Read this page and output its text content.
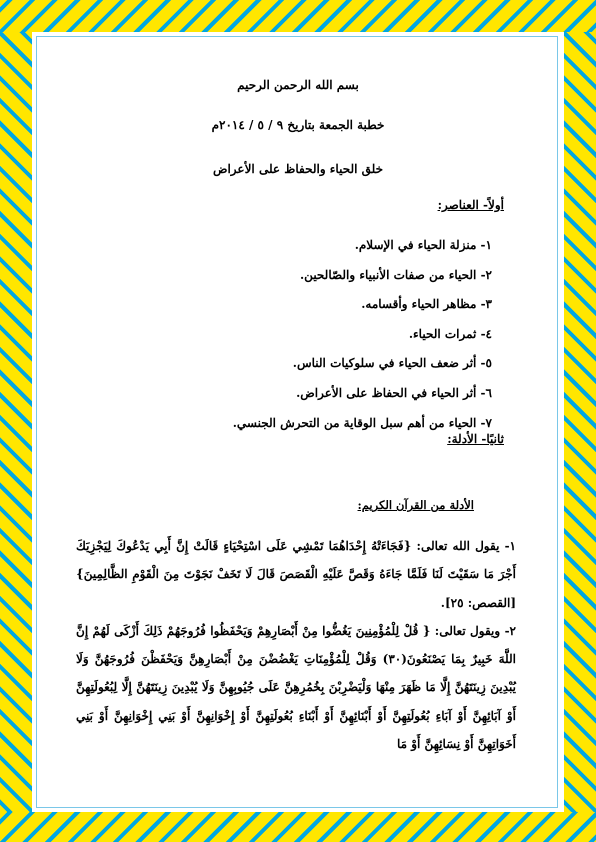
بسم الله الرحمن الرحيم
خطبة الجمعة بتاريخ ٩ / ٥ / ٢٠١٤م
خلق الحياء والحفاظ على الأعراض
أولاً- العناصر:
١- منزلة الحياء في الإسلام.
٢- الحياء من صفات الأنبياء والصّالحين.
٣- مظاهر الحياء وأقسامه.
٤- ثمرات الحياء.
٥- أثر ضعف الحياء في سلوكيات الناس.
٦- أثر الحياء في الحفاظ على الأعراض.
٧- الحياء من أهم سبل الوقاية من التحرش الجنسي.
ثانيًا- الأدلة:
الأدلة من القرآن الكريم:

١- يقول الله تعالى: {فَجَاءَتْهُ إِحْدَاهُمَا تَمْشِي عَلَى اسْتِحْيَاءٍ قَالَتْ إِنَّ أَبِي يَدْعُوكَ لِيَجْزِيَكَ أَجْرَ مَا سَقَيْتَ لَنَا فَلَمَّا جَاءَهُ وَقَصَّ عَلَيْهِ الْقَصَصَ قَالَ لَا تَخَفْ نَجَوْتَ مِنَ الْقَوْمِ الظَّالِمِينَ} [القصص: ٢٥].

٢- ويقول تعالى: { قُلْ لِلْمُؤْمِنِينَ يَغُضُّوا مِنْ أَبْصَارِهِمْ وَيَحْفَظُوا فُرُوجَهُمْ ذَلِكَ أَزْكَى لَهُمْ إِنَّ اللَّهَ خَبِيرٌ بِمَا يَصْنَعُونَ(٣٠) وَقُلْ لِلْمُؤْمِنَاتِ يَغْضُضْنَ مِنْ أَبْصَارِهِنَّ وَيَحْفَظْنَ فُرُوجَهُنَّ وَلَا يُبْدِينَ زِينَتَهُنَّ إِلَّا مَا ظَهَرَ مِنْهَا وَلْيَضْرِبْنَ بِخُمُرِهِنَّ عَلَى جُيُوبِهِنَّ وَلَا يُبْدِينَ زِينَتَهُنَّ إِلَّا لِبُعُولَتِهِنَّ أَوْ آبَائِهِنَّ أَوْ آبَاءِ بُعُولَتِهِنَّ أَوْ أَبْنَائِهِنَّ أَوْ أَبْنَاءِ بُعُولَتِهِنَّ أَوْ إِخْوَانِهِنَّ أَوْ بَنِي إِخْوَانِهِنَّ أَوْ بَنِي أَخَوَاتِهِنَّ أَوْ نِسَائِهِنَّ أَوْ مَا
